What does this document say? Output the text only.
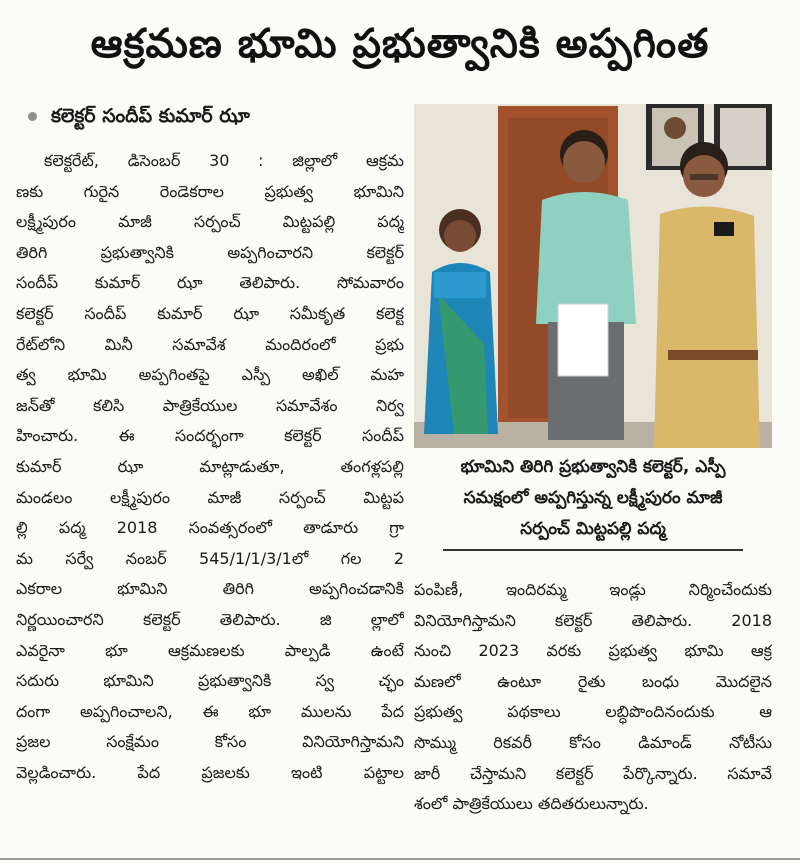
ఆక్రమణ భూమి ప్రభుత్వానికి అప్పగింత
కలెక్టర్ సందీప్ కుమార్ ఝా

కలెక్టరేట్, డిసెంబర్ 30 : జిల్లాలో ఆక్రమ

ణకు గురైన రెండెకరాల ప్రభుత్వ భూమిని

లక్ష్మీపురం మాజీ సర్పంచ్ మిట్టపల్లి పద్మ

తిరిగి ప్రభుత్వానికి అప్పగించారని కలెక్టర్

సందీప్ కుమార్ ఝా తెలిపారు. సోమవారం

కలెక్టర్ సందీప్ కుమార్ ఝా సమీకృత కలెక్ట

రేట్‌లోని మినీ సమావేశ మందిరంలో ప్రభు

త్వ భూమి అప్పగింతపై ఎస్పీ అఖిల్ మహ

జన్‌తో కలిసి పాత్రికేయుల సమావేశం నిర్వ

హించారు. ఈ సందర్భంగా కలెక్టర్ సందీప్

కుమార్ ఝా మాట్లాడుతూ, తంగళ్లపల్లి

మండలం లక్ష్మీపురం మాజీ సర్పంచ్ మిట్టప

ల్లి పద్మ 2018 సంవత్సరంలో తాడూరు గ్రా

మ సర్వే నంబర్ 545/1/1/3/1లో గల 2

ఎకరాల భూమిని తిరిగి అప్పగించడానికి

నిర్ణయించారని కలెక్టర్ తెలిపారు. జి ల్లాలో

ఎవరైనా భూ ఆక్రమణలకు పాల్పడి ఉంటే

సదురు భూమిని ప్రభుత్వానికి స్వ చ్ఛం

దంగా అప్పగించాలని, ఈ భూ ములను పేద

ప్రజల సంక్షేమం కోసం వినియోగిస్తామని

వెల్లడించారు. పేద ప్రజలకు ఇంటి పట్టాల

భూమిని తిరిగి ప్రభుత్వానికి కలెక్టర్, ఎస్పీ
సమక్షంలో అప్పగిస్తున్న లక్ష్మీపురం మాజీ
సర్పంచ్ మిట్టపల్లి పద్మ

పంపిణీ, ఇందిరమ్మ ఇండ్లు నిర్మించేందుకు

వినియోగిస్తామని కలెక్టర్ తెలిపారు. 2018

నుంచి 2023 వరకు ప్రభుత్వ భూమి ఆక్ర

మణలో ఉంటూ రైతు బంధు మొదలైన

ప్రభుత్వ పథకాలు లబ్ధిపొందినందుకు ఆ

సొమ్ము రికవరీ కోసం డిమాండ్ నోటీసు

జారీ చేస్తామని కలెక్టర్ పేర్కొన్నారు. సమావే

శంలో పాత్రికేయులు తదితరులున్నారు.
